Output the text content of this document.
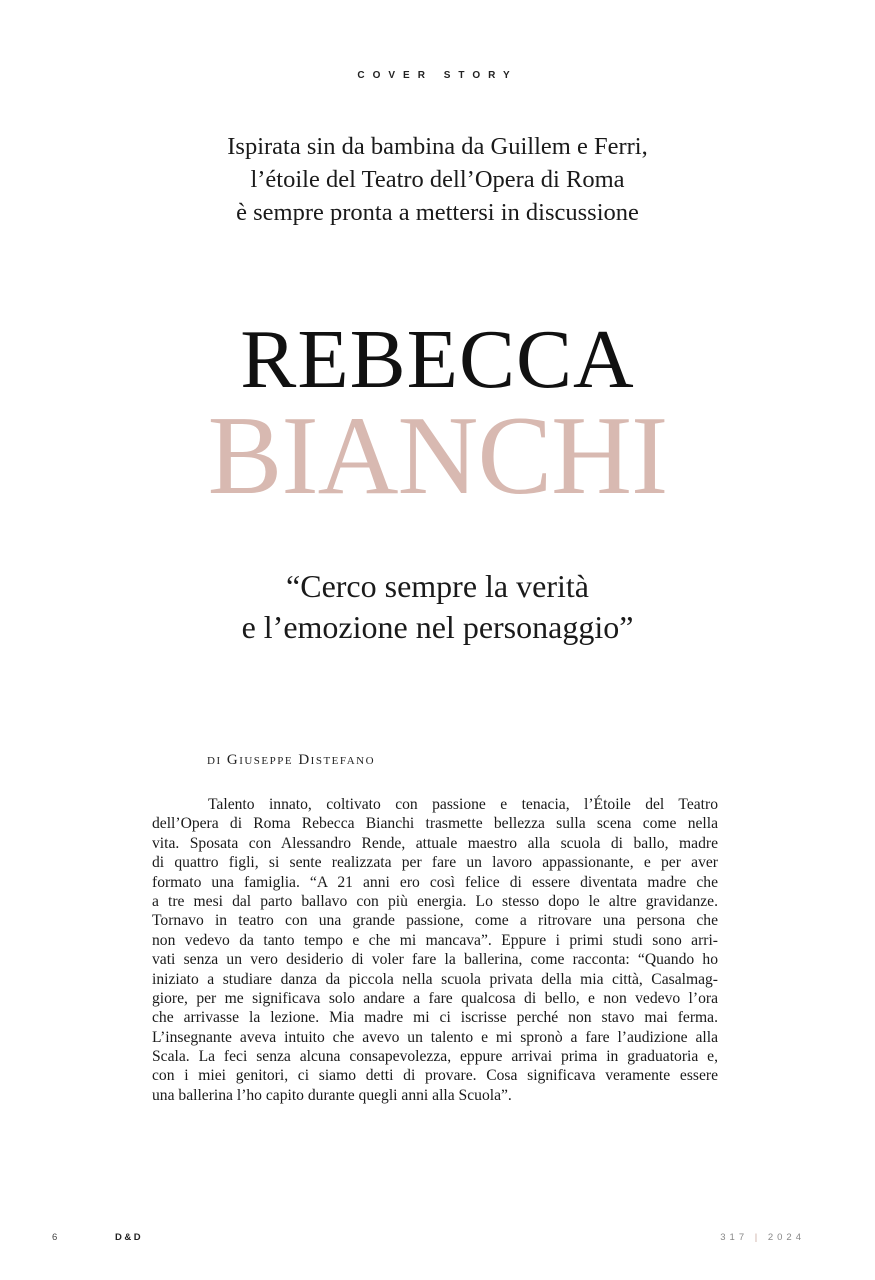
COVER STORY
Ispirata sin da bambina da Guillem e Ferri,
l’étoile del Teatro dell’Opera di Roma
è sempre pronta a mettersi in discussione
REBECCA
BIANCHI
“Cerco sempre la verità
e l’emozione nel personaggio”
di Giuseppe Distefano
Talento innato, coltivato con passione e tenacia, l’Étoile del Teatro
dell’Opera di Roma Rebecca Bianchi trasmette bellezza sulla scena come nella
vita. Sposata con Alessandro Rende, attuale maestro alla scuola di ballo, madre
di quattro figli, si sente realizzata per fare un lavoro appassionante, e per aver
formato una famiglia. “A 21 anni ero così felice di essere diventata madre che
a tre mesi dal parto ballavo con più energia. Lo stesso dopo le altre gravidanze.
Tornavo in teatro con una grande passione, come a ritrovare una persona che
non vedevo da tanto tempo e che mi mancava”. Eppure i primi studi sono arri-
vati senza un vero desiderio di voler fare la ballerina, come racconta: “Quando ho
iniziato a studiare danza da piccola nella scuola privata della mia città, Casalmag-
giore, per me significava solo andare a fare qualcosa di bello, e non vedevo l’ora
che arrivasse la lezione. Mia madre mi ci iscrisse perché non stavo mai ferma.
L’insegnante aveva intuito che avevo un talento e mi spronò a fare l’audizione alla
Scala. La feci senza alcuna consapevolezza, eppure arrivai prima in graduatoria e,
con i miei genitori, ci siamo detti di provare. Cosa significava veramente essere
una ballerina l’ho capito durante quegli anni alla Scuola”.
6	D&D	317 | 2024
